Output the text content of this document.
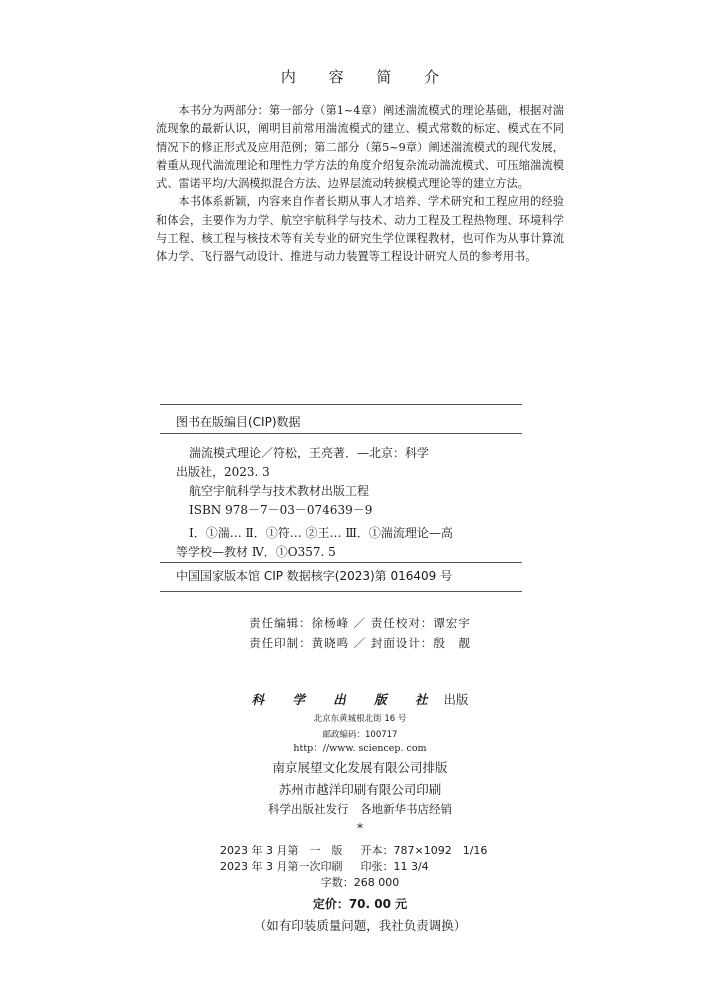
内 容 简 介

本书分为两部分：第一部分（第1~4章）阐述湍流模式的理论基础，根据对湍流现象的最新认识，阐明目前常用湍流模式的建立、模式常数的标定、模式在不同情况下的修正形式及应用范例；第二部分（第5~9章）阐述湍流模式的现代发展，着重从现代湍流理论和理性力学方法的角度介绍复杂流动湍流模式、可压缩湍流模式、雷诺平均/大涡模拟混合方法、边界层流动转捩模式理论等的建立方法。

本书体系新颖，内容来自作者长期从事人才培养、学术研究和工程应用的经验和体会，主要作为力学、航空宇航科学与技术、动力工程及工程热物理、环境科学与工程、核工程与核技术等有关专业的研究生学位课程教材，也可作为从事计算流体力学、飞行器气动设计、推进与动力装置等工程设计研究人员的参考用书。

图书在版编目(CIP)数据
湍流模式理论／符松，王亮著．—北京：科学
出版社，2023. 3
航空宇航科学与技术教材出版工程
ISBN 978－7－03－074639－9
Ⅰ．①湍… Ⅱ．①符… ②王… Ⅲ．①湍流理论—高
等学校—教材 Ⅳ．①O357. 5
中国国家版本馆 CIP 数据核字(2023)第 016409 号
责任编辑：徐杨峰 ／ 责任校对：谭宏宇
责任印制：黄晓鸣 ／ 封面设计：殷　靓
科 学 出 版 社 出版
北京东黄城根北街 16 号
邮政编码：100717
http：//www. sciencep. com
南京展望文化发展有限公司排版
苏州市越洋印刷有限公司印刷
科学出版社发行　各地新华书店经销
*
2023 年 3 月第　一　版 开本：787×1092　1/16
2023 年 3 月第一次印刷 印张：11 3/4
字数：268 000
定价：70. 00 元
（如有印装质量问题，我社负责调换）
